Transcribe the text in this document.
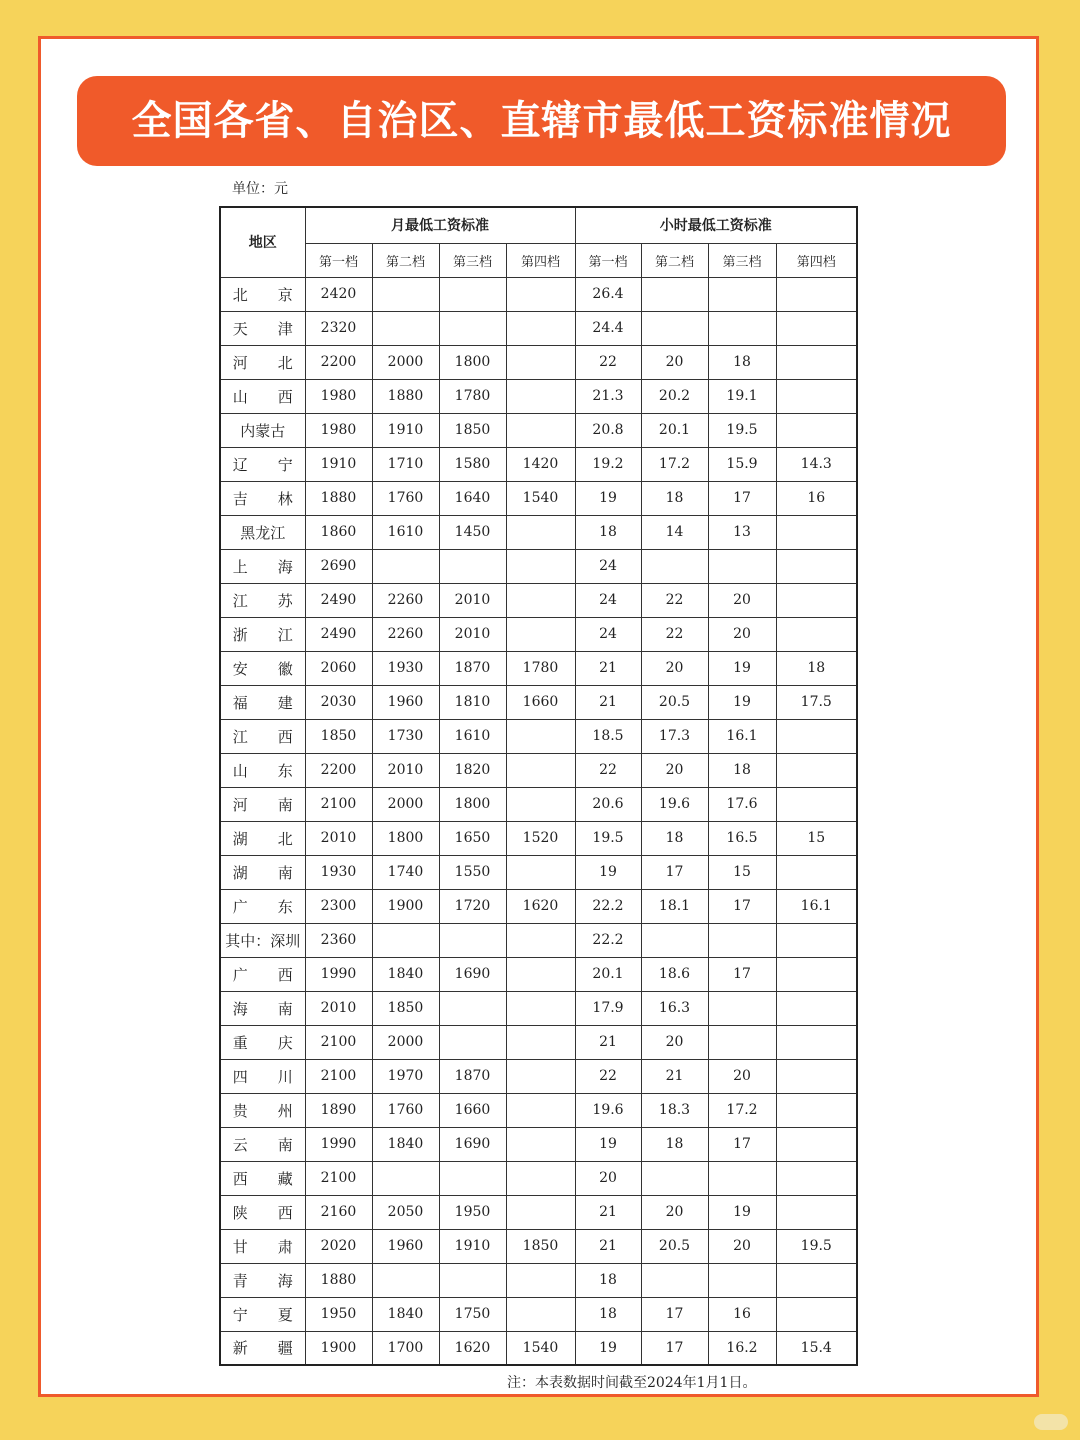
全国各省、自治区、直辖市最低工资标准情况
单位：元
地区	月最低工资标准				小时最低工资标准			
	第一档	第二档	第三档	第四档	第一档	第二档	第三档	第四档
北　　京	2420				26.4			
天　　津	2320				24.4			
河　　北	2200	2000	1800		22	20	18	
山　　西	1980	1880	1780		21.3	20.2	19.1	
内蒙古	1980	1910	1850		20.8	20.1	19.5	
辽　　宁	1910	1710	1580	1420	19.2	17.2	15.9	14.3
吉　　林	1880	1760	1640	1540	19	18	17	16
黑龙江	1860	1610	1450		18	14	13	
上　　海	2690				24			
江　　苏	2490	2260	2010		24	22	20	
浙　　江	2490	2260	2010		24	22	20	
安　　徽	2060	1930	1870	1780	21	20	19	18
福　　建	2030	1960	1810	1660	21	20.5	19	17.5
江　　西	1850	1730	1610		18.5	17.3	16.1	
山　　东	2200	2010	1820		22	20	18	
河　　南	2100	2000	1800		20.6	19.6	17.6	
湖　　北	2010	1800	1650	1520	19.5	18	16.5	15
湖　　南	1930	1740	1550		19	17	15	
广　　东	2300	1900	1720	1620	22.2	18.1	17	16.1
其中：深圳	2360				22.2			
广　　西	1990	1840	1690		20.1	18.6	17	
海　　南	2010	1850			17.9	16.3		
重　　庆	2100	2000			21	20		
四　　川	2100	1970	1870		22	21	20	
贵　　州	1890	1760	1660		19.6	18.3	17.2	
云　　南	1990	1840	1690		19	18	17	
西　　藏	2100				20			
陕　　西	2160	2050	1950		21	20	19	
甘　　肃	2020	1960	1910	1850	21	20.5	20	19.5
青　　海	1880				18			
宁　　夏	1950	1840	1750		18	17	16	
新　　疆	1900	1700	1620	1540	19	17	16.2	15.4
注：本表数据时间截至2024年1月1日。
